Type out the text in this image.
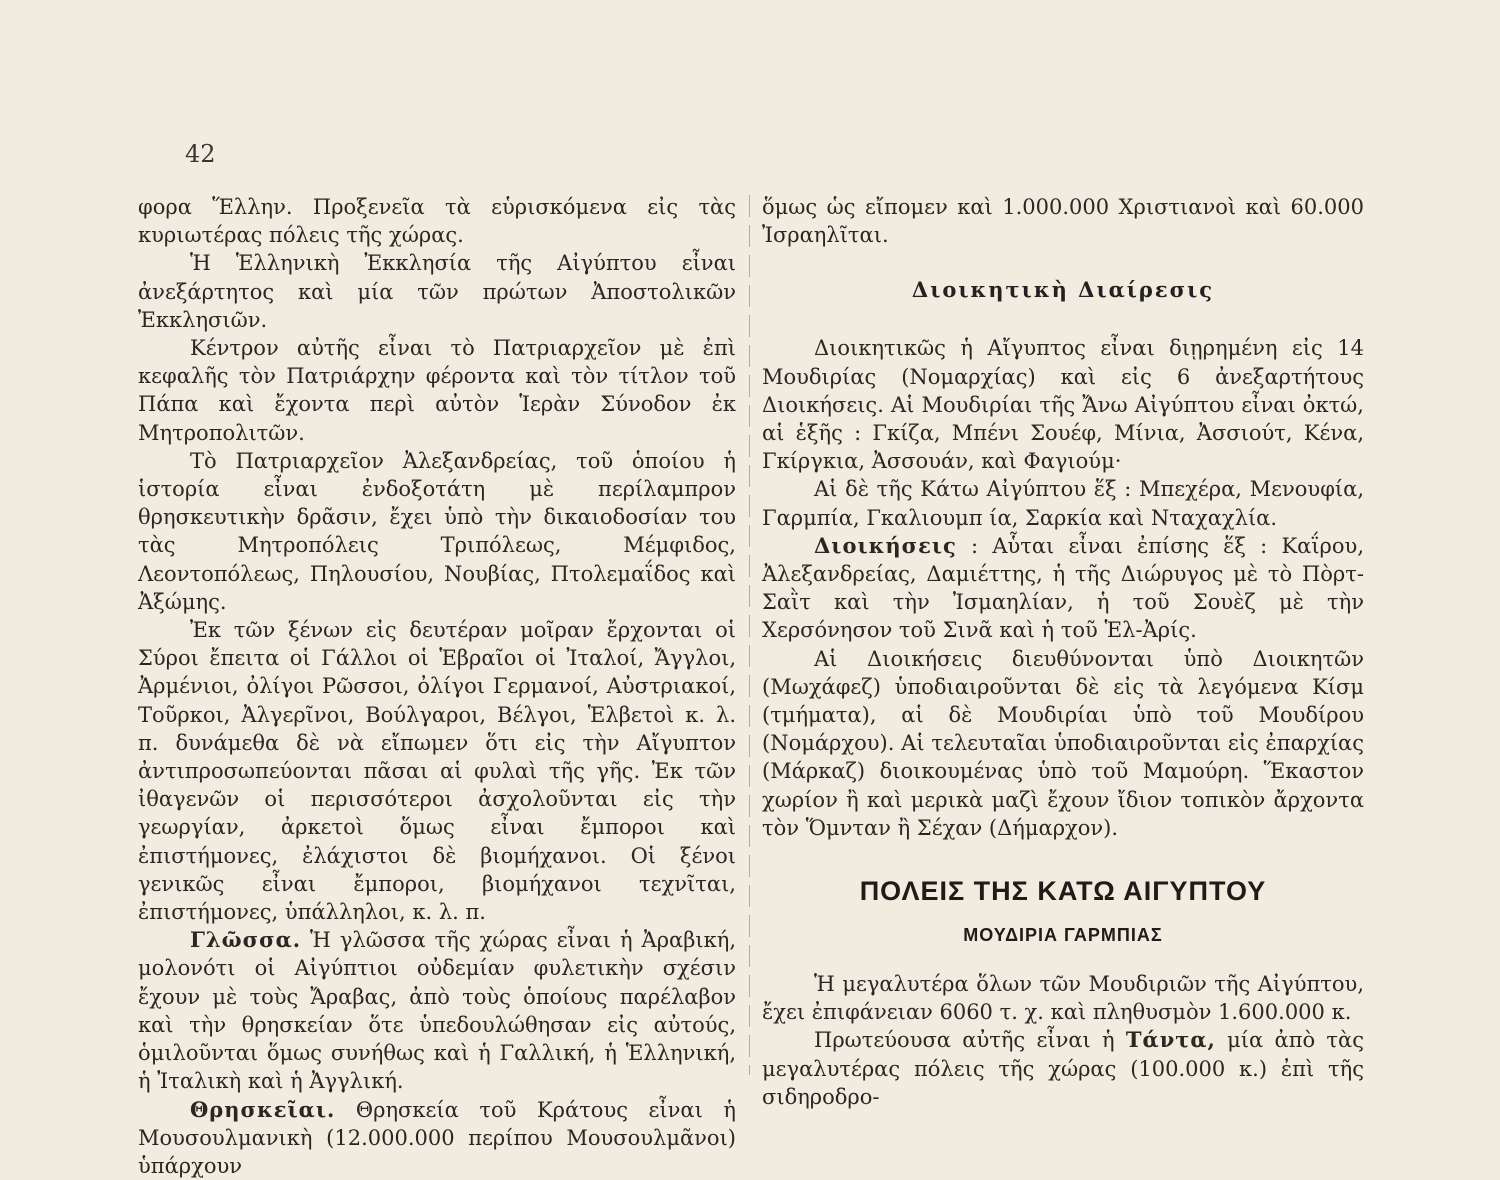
42

φορα Ἕλλην. Προξενεῖα τὰ εὑρισκόμενα εἰς τὰς κυριωτέρας πόλεις τῆς χώρας.

Ἡ Ἑλληνικὴ Ἐκκλησία τῆς Αἰγύπτου εἶναι ἀνεξάρτητος καὶ μία τῶν πρώτων Ἀποστολικῶν Ἐκκλησιῶν.

Κέντρον αὐτῆς εἶναι τὸ Πατριαρχεῖον μὲ ἐπὶ κεφαλῆς τὸν Πατριάρχην φέροντα καὶ τὸν τίτλον τοῦ Πάπα καὶ ἔχοντα περὶ αὐτὸν Ἱερὰν Σύνοδον ἐκ Μητροπολιτῶν.

Τὸ Πατριαρχεῖον Ἀλεξανδρείας, τοῦ ὁποίου ἡ ἱστορία εἶναι ἐνδοξοτάτη μὲ περίλαμπρον θρησκευτικὴν δρᾶσιν, ἔχει ὑπὸ τὴν δικαιοδοσίαν του τὰς Μητροπόλεις Τριπόλεως, Μέμφιδος, Λεοντοπόλεως, Πηλουσίου, Νουβίας, Πτολεμαΐδος καὶ Ἀξώμης.

Ἐκ τῶν ξένων εἰς δευτέραν μοῖραν ἔρχονται οἱ Σύροι ἔπειτα οἱ Γάλλοι οἱ Ἑβραῖοι οἱ Ἰταλοί, Ἄγγλοι, Ἀρμένιοι, ὀλίγοι Ρῶσσοι, ὀλίγοι Γερμανοί, Αὐστριακοί, Τοῦρκοι, Ἀλγερῖνοι, Βούλγαροι, Βέλγοι, Ἑλβετοὶ κ. λ. π. δυνάμεθα δὲ νὰ εἴπωμεν ὅτι εἰς τὴν Αἴγυπτον ἀντιπροσωπεύονται πᾶσαι αἱ φυλαὶ τῆς γῆς. Ἐκ τῶν ἰθαγενῶν οἱ περισσότεροι ἀσχολοῦνται εἰς τὴν γεωργίαν, ἀρκετοὶ ὅμως εἶναι ἔμποροι καὶ ἐπιστήμονες, ἐλάχιστοι δὲ βιομήχανοι. Οἱ ξένοι γενικῶς εἶναι ἔμποροι, βιομήχανοι τεχνῖται, ἐπιστήμονες, ὑπάλληλοι, κ. λ. π.

Γλῶσσα. Ἡ γλῶσσα τῆς χώρας εἶναι ἡ Ἀραβική, μολονότι οἱ Αἰγύπτιοι οὐδεμίαν φυλετικὴν σχέσιν ἔχουν μὲ τοὺς Ἄραβας, ἀπὸ τοὺς ὁποίους παρέλαβον καὶ τὴν θρησκείαν ὅτε ὑπεδουλώθησαν εἰς αὐτούς, ὁμιλοῦνται ὅμως συνήθως καὶ ἡ Γαλλική, ἡ Ἑλληνική, ἡ Ἰταλικὴ καὶ ἡ Ἀγγλική.

Θρησκεῖαι. Θρησκεία τοῦ Κράτους εἶναι ἡ Μουσουλμανικὴ (12.000.000 περίπου Μουσουλμᾶνοι) ὑπάρχουν

ὅμως ὡς εἴπομεν καὶ 1.000.000 Χριστιανοὶ καὶ 60.000 Ἰσραηλῖται.

Διοικητικὴ Διαίρεσις

Διοικητικῶς ἡ Αἴγυπτος εἶναι διῃρημένη εἰς 14 Μουδιρίας (Νομαρχίας) καὶ εἰς 6 ἀνεξαρτήτους Διοικήσεις. Αἱ Μουδιρίαι τῆς Ἄνω Αἰγύπτου εἶναι ὀκτώ, αἱ ἑξῆς : Γκίζα, Μπένι Σουέφ, Μίνια, Ἀσσιούτ, Κένα, Γκίργκια, Ἀσσουάν, καὶ Φαγιούμ·

Αἱ δὲ τῆς Κάτω Αἰγύπτου ἕξ : Μπεχέρα, Μενουφία, Γαρμπία, Γκαλιουμπ ία, Σαρκία καὶ Νταχαχλία.

Διοικήσεις : Αὗται εἶναι ἐπίσης ἕξ : Καΐρου, Ἀλεξανδρείας, Δαμιέττης, ἡ τῆς Διώρυγος μὲ τὸ Πὸρτ-Σαῒτ καὶ τὴν Ἰσμαηλίαν, ἡ τοῦ Σουὲζ μὲ τὴν Χερσόνησον τοῦ Σινᾶ καὶ ἡ τοῦ Ἑλ-Ἀρίς.

Αἱ Διοικήσεις διευθύνονται ὑπὸ Διοικητῶν (Μωχάφεζ) ὑποδιαιροῦνται δὲ εἰς τὰ λεγόμενα Κίσμ (τμήματα), αἱ δὲ Μουδιρίαι ὑπὸ τοῦ Μουδίρου (Νομάρχου). Αἱ τελευταῖαι ὑποδιαιροῦνται εἰς ἐπαρχίας (Μάρκαζ) διοικουμένας ὑπὸ τοῦ Μαμούρη. Ἕκαστον χωρίον ἢ καὶ μερικὰ μαζὶ ἔχουν ἴδιον τοπικὸν ἄρχοντα τὸν Ὅμνταν ἢ Σέχαν (Δήμαρχον).

ΠΟΛΕΙΣ ΤΗΣ ΚΑΤΩ ΑΙΓΥΠΤΟΥ
ΜΟΥΔΙΡΙΑ ΓΑΡΜΠΙΑΣ

Ἡ μεγαλυτέρα ὅλων τῶν Μουδιριῶν τῆς Αἰγύπτου, ἔχει ἐπιφάνειαν 6060 τ. χ. καὶ πληθυσμὸν 1.600.000 κ.

Πρωτεύουσα αὐτῆς εἶναι ἡ Τάντα, μία ἀπὸ τὰς μεγαλυτέρας πόλεις τῆς χώρας (100.000 κ.) ἐπὶ τῆς σιδηροδρο-
